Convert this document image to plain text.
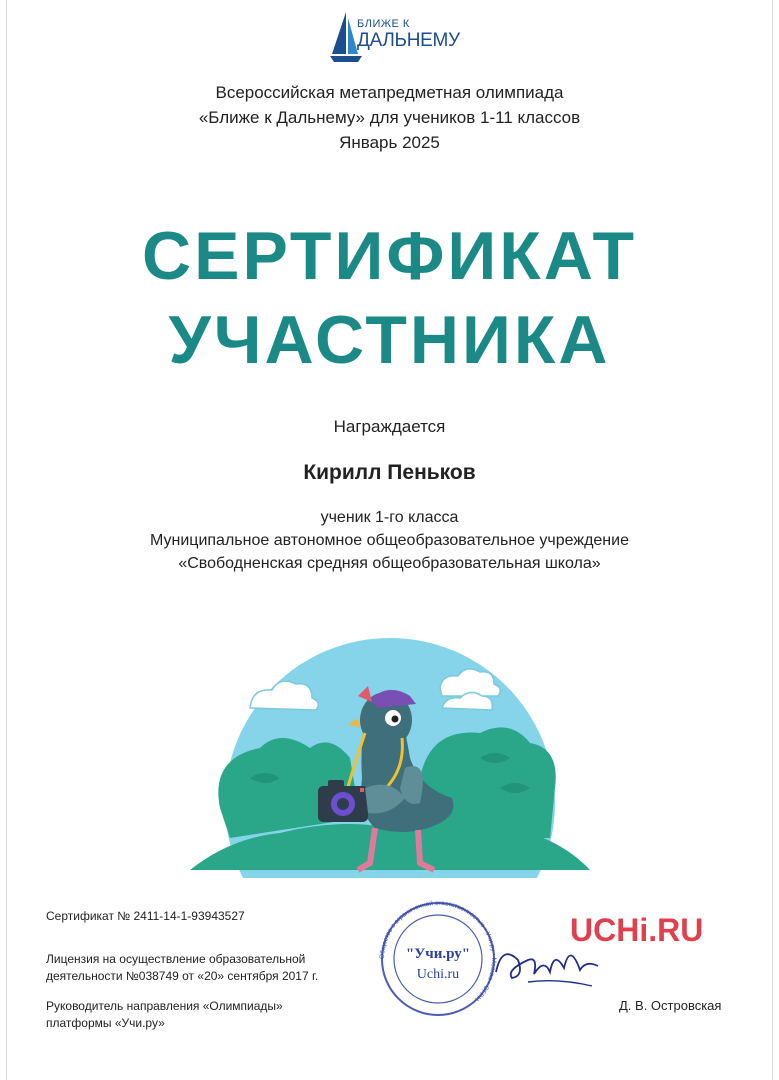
БЛИЖЕ К
ДАЛЬНЕМУ
Всероссийская метапредметная олимпиада
«Ближе к Дальнему» для учеников 1-11 классов
Январь 2025
СЕРТИФИКАТ
УЧАСТНИКА
Награждается
Кирилл Пеньков
ученик 1-го класса
Муниципальное автономное общеобразовательное учреждение
«Свободненская средняя общеобразовательная школа»
Сертификат № 2411-14-1-93943527
Лицензия на осуществление образовательной
деятельности №038749 от «20» сентября 2017 г.
Руководитель направления «Олимпиады»
платформы «Учи.ру»
Общество с ограниченной ответственностью • Учи.ру • Москва • ОГРН
"Учи.ру"
Uchi.ru
UCHi.RU
Д. В. Островская
